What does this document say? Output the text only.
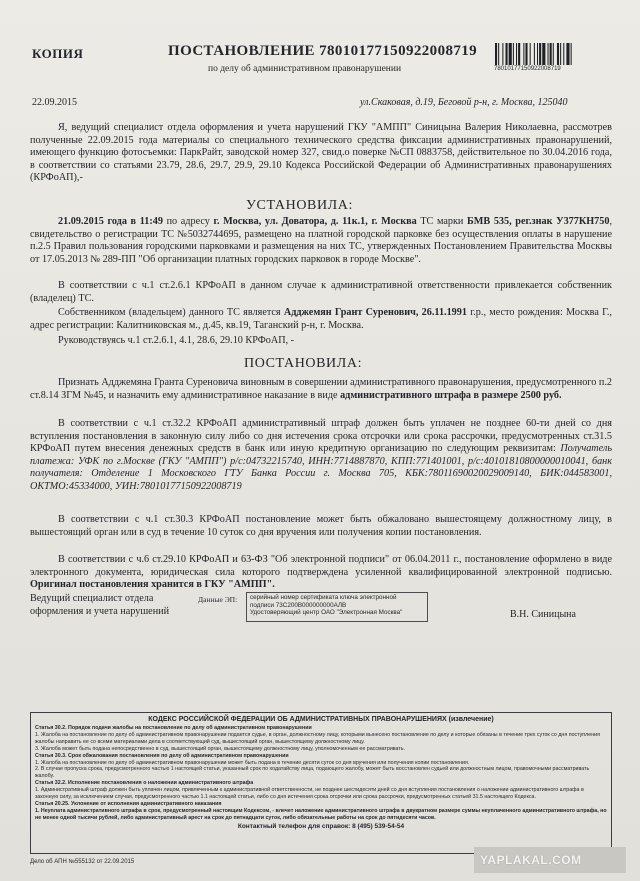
КОПИЯ	ПОСТАНОВЛЕНИЕ 78010177150922008719
по делу об административном правонарушении	78010177150922008719
22.09.2015	ул.Скаковая, д.19, Беговой р-н, г. Москва, 125040
Я, ведущий специалист отдела оформления и учета нарушений ГКУ "АМПП" Синицына Валерия Николаевна, рассмотрев полученные 22.09.2015 года материалы со специального технического средства фиксации административных правонарушений, имеющего функцию фотосъемки: ПаркРайт, заводской номер 327, свид.о поверке №СП 0883758, действительное по 30.04.2016 года, в соответствии со статьями 23.79, 28.6, 29.7, 29.9, 29.10 Кодекса Российской Федерации об Административных правонарушениях (КРФоАП),-
УСТАНОВИЛА:
21.09.2015 года в 11:49 по адресу г. Москва, ул. Доватора, д. 11к.1, г. Москва ТС марки БМВ 535, рег.знак У377КН750, свидетельство о регистрации ТС №5032744695, размещено на платной городской парковке без осуществления оплаты в нарушение п.2.5 Правил пользования городскими парковками и размещения на них ТС, утвержденных Постановлением Правительства Москвы от 17.05.2013 № 289-ПП "Об организации платных городских парковок в городе Москве".
В соответствии с ч.1 ст.2.6.1 КРФоАП в данном случае к административной ответственности привлекается собственник (владелец) ТС.
Собственником (владельцем) данного ТС является Адджемян Грант Суренович, 26.11.1991 г.р., место рождения: Москва Г., адрес регистрации: Калитниковская м., д.45, кв.19, Таганский р-н, г. Москва.
Руководствуясь ч.1 ст.2.6.1, 4.1, 28.6, 29.10 КРФоАП, -
ПОСТАНОВИЛА:
Признать Адджемяна Гранта Суреновича виновным в совершении административного правонарушения, предусмотренного п.2 ст.8.14 ЗГМ №45, и назначить ему административное наказание в виде административного штрафа в размере 2500 руб.
В соответствии с ч.1 ст.32.2 КРФоАП административный штраф должен быть уплачен не позднее 60-ти дней со дня вступления постановления в законную силу либо со дня истечения срока отсрочки или срока рассрочки, предусмотренных ст.31.5 КРФоАП путем внесения денежных средств в банк или иную кредитную организацию по следующим реквизитам: Получатель платежа: УФК по г.Москве (ГКУ "АМПП") р/с:04732215740, ИНН:7714887870, КПП:771401001, р/с:40101810800000010041, банк получателя: Отделение 1 Московского ГТУ Банка России г. Москва 705, КБК:78011690020029009140, БИК:044583001, ОКТМО:45334000, УИН:78010177150922008719
В соответствии с ч.1 ст.30.3 КРФоАП постановление может быть обжаловано вышестоящему должностному лицу, в вышестоящий орган или в суд в течение 10 суток со дня вручения или получения копии постановления.
В соответствии с ч.6 ст.29.10 КРФоАП и 63-ФЗ "Об электронной подписи" от 06.04.2011 г., постановление оформлено в виде электронного документа, юридическая сила которого подтверждена усиленной квалифицированной электронной подписью. Оригинал постановления хранится в ГКУ "АМПП".
Ведущий специалист отдела
оформления и учета нарушений
Данные ЭП: серийный номер сертификата ключа электронной
подписи 73С200В000000000АЛВ
Удостоверяющий центр ОАО "Электронная Москва"	В.Н. Синицына
КОДЕКС РОССИЙСКОЙ ФЕДЕРАЦИИ ОБ АДМИНИСТРАТИВНЫХ ПРАВОНАРУШЕНИЯХ (извлечение)
Статья 30.2. Порядок подачи жалобы на постановление по делу об административном правонарушении
1. Жалоба на постановление по делу об административном правонарушении подается судье, в орган, должностному лицу, которыми вынесено постановление по делу и которые обязаны в течение трех суток со дня поступления жалобы направить ее со всеми материалами дела в соответствующий суд, вышестоящий орган, вышестоящему должностному лицу.
3. Жалоба может быть подана непосредственно в суд, вышестоящий орган, вышестоящему должностному лицу, уполномоченным ее рассматривать.
Статья 30.3. Срок обжалования постановления по делу об административном правонарушении
1. Жалоба на постановление по делу об административном правонарушении может быть подана в течение десяти суток со дня вручения или получения копии постановления.
2. В случае пропуска срока, предусмотренного частью 1 настоящей статьи, указанный срок по ходатайству лица, подающего жалобу, может быть восстановлен судьей или должностным лицом, правомочными рассматривать жалобу.
Статья 32.2. Исполнение постановления о наложении административного штрафа
1. Административный штраф должен быть уплачен лицом, привлеченным к административной ответственности, не позднее шестидесяти дней со дня вступления постановления о наложении административного штрафа в законную силу, за исключением случая, предусмотренного частью 1.1 настоящей статьи, либо со дня истечения срока отсрочки или срока рассрочки, предусмотренных статьей 31.5 настоящего Кодекса.
Статья 20.25. Уклонение от исполнения административного наказания
1. Неуплата административного штрафа в срок, предусмотренный настоящим Кодексом, - влечет наложение административного штрафа в двукратном размере суммы неуплаченного административного штрафа, но не менее одной тысячи рублей, либо административный арест на срок до пятнадцати суток, либо обязательные работы на срок до пятидесяти часов.
Контактный телефон для справок: 8 (495) 539-54-54
Дело об АПН №555132 от 22.09.2015	YAPLAKAL.COM
